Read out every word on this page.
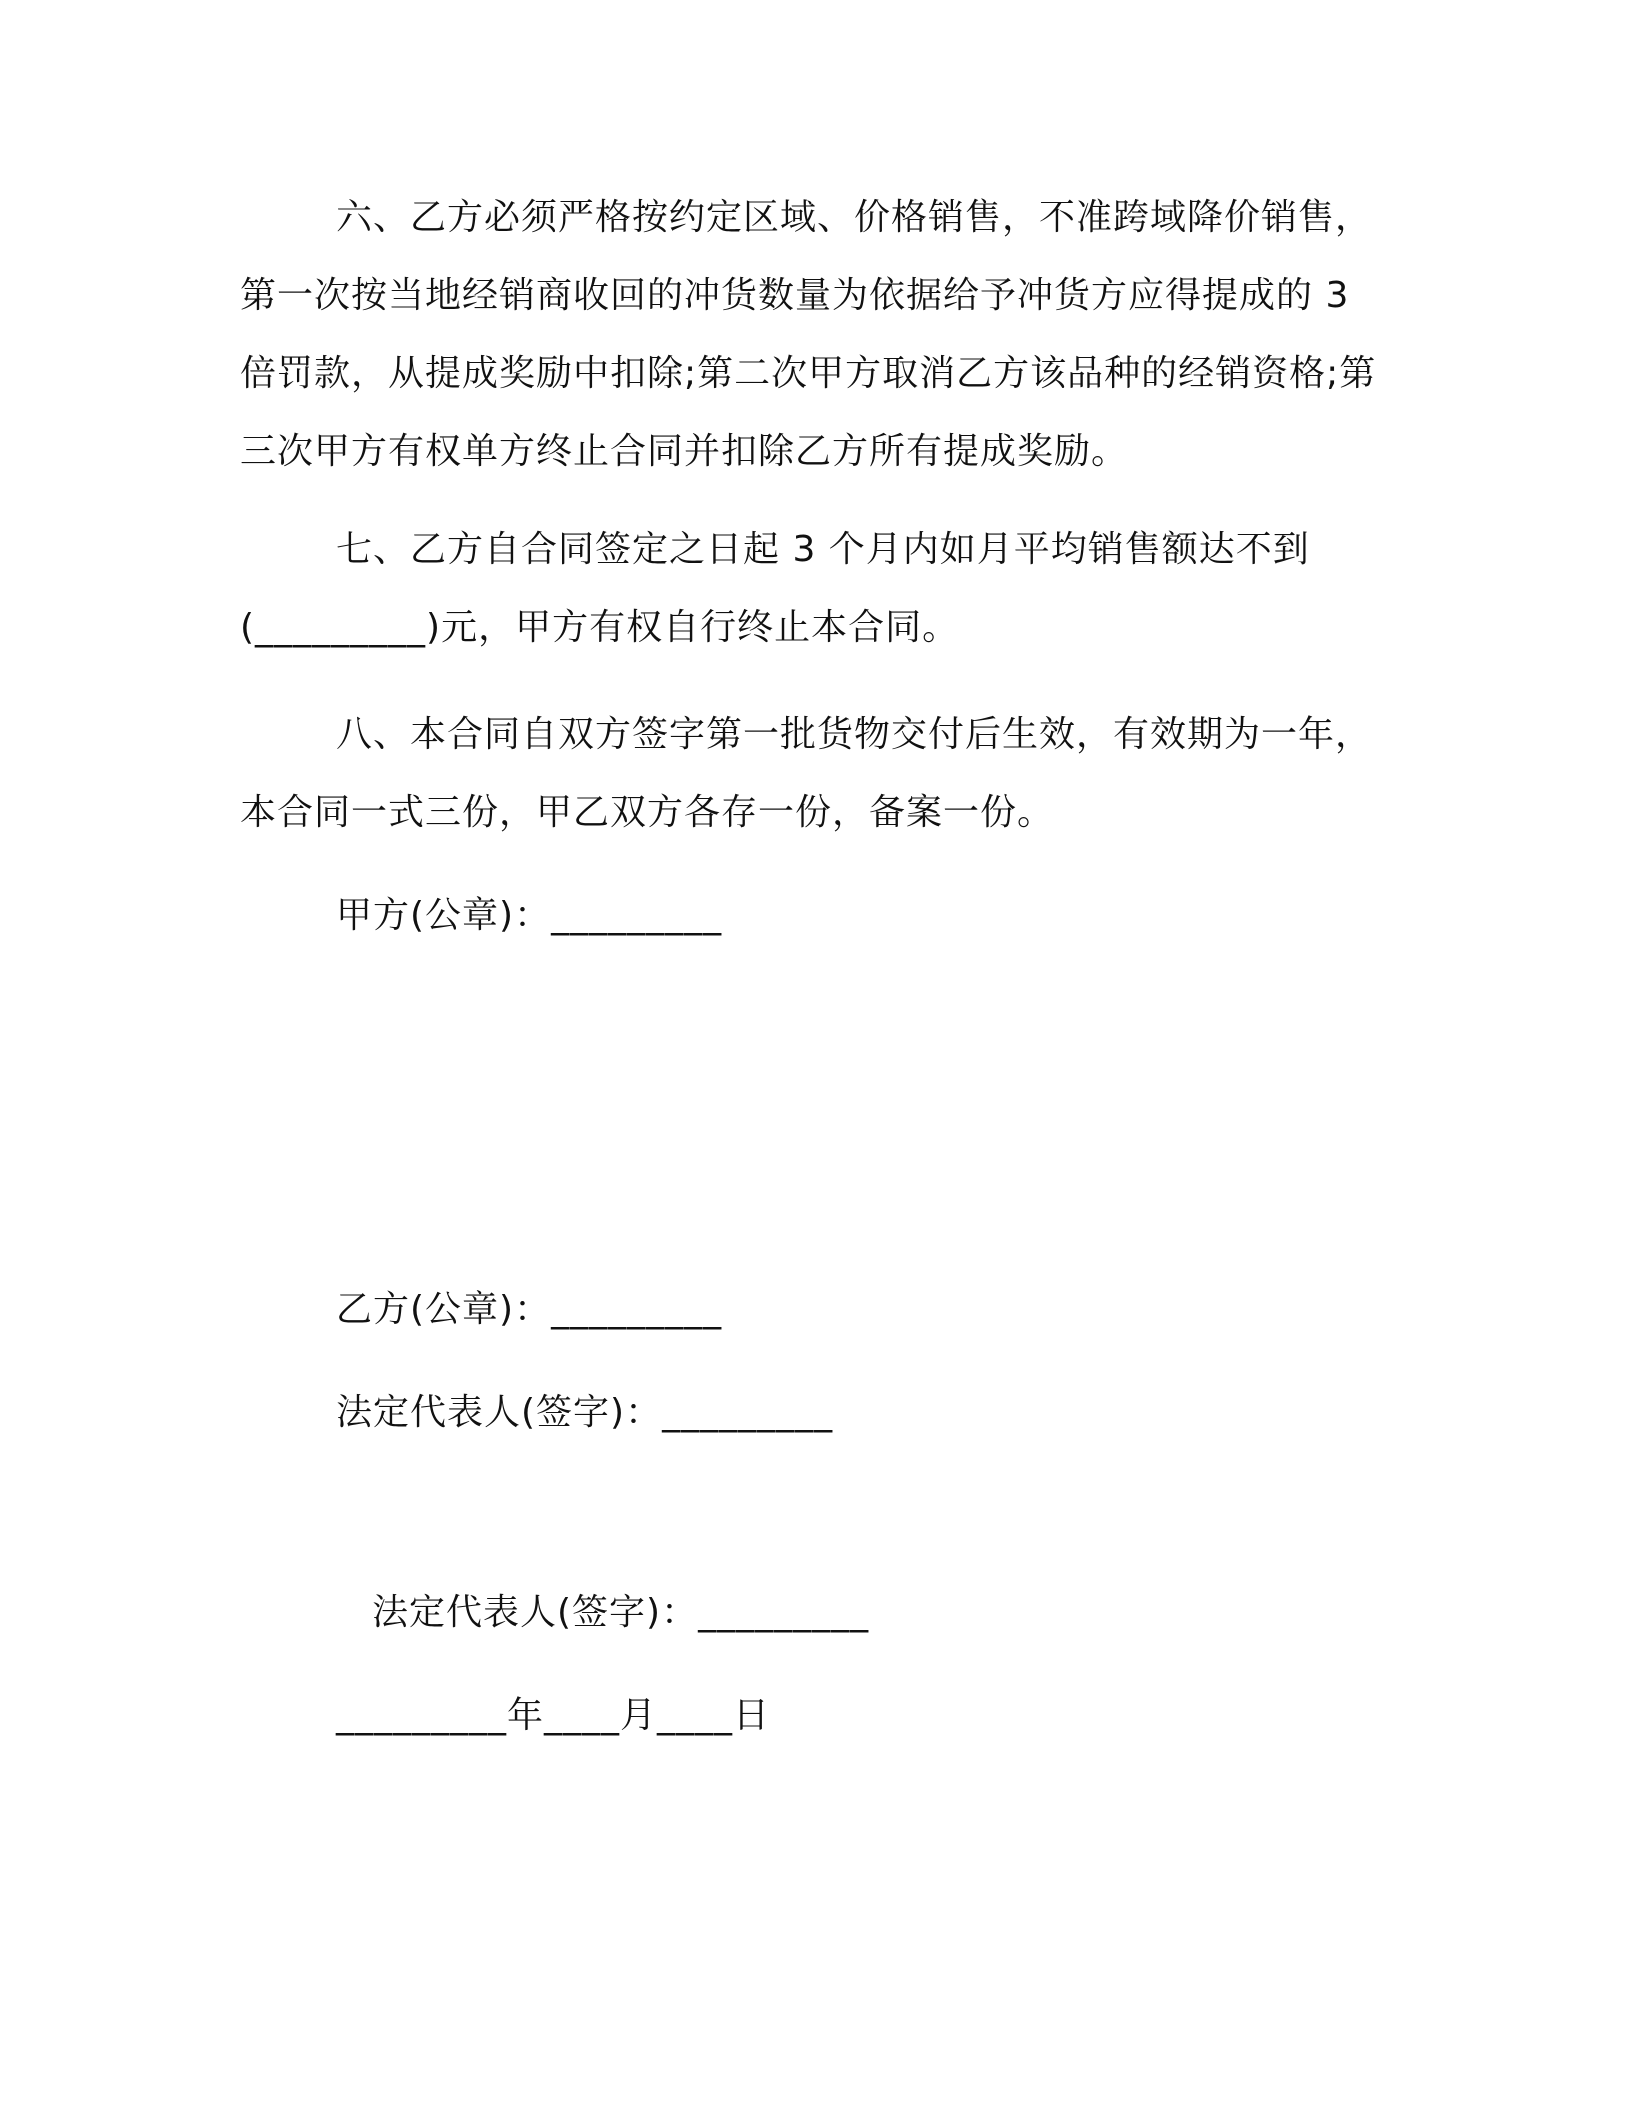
六、乙方必须严格按约定区域、价格销售，不准跨域降价销售，
第一次按当地经销商收回的冲货数量为依据给予冲货方应得提成的 3
倍罚款，从提成奖励中扣除;第二次甲方取消乙方该品种的经销资格;第
三次甲方有权单方终止合同并扣除乙方所有提成奖励。
七、乙方自合同签定之日起 3 个月内如月平均销售额达不到
(_________)元，甲方有权自行终止本合同。
八、本合同自双方签字第一批货物交付后生效，有效期为一年，
本合同一式三份，甲乙双方各存一份，备案一份。

甲方(公章)：_________

乙方(公章)：_________

法定代表人(签字)：_________

法定代表人(签字)：_________

_________年____月____日
